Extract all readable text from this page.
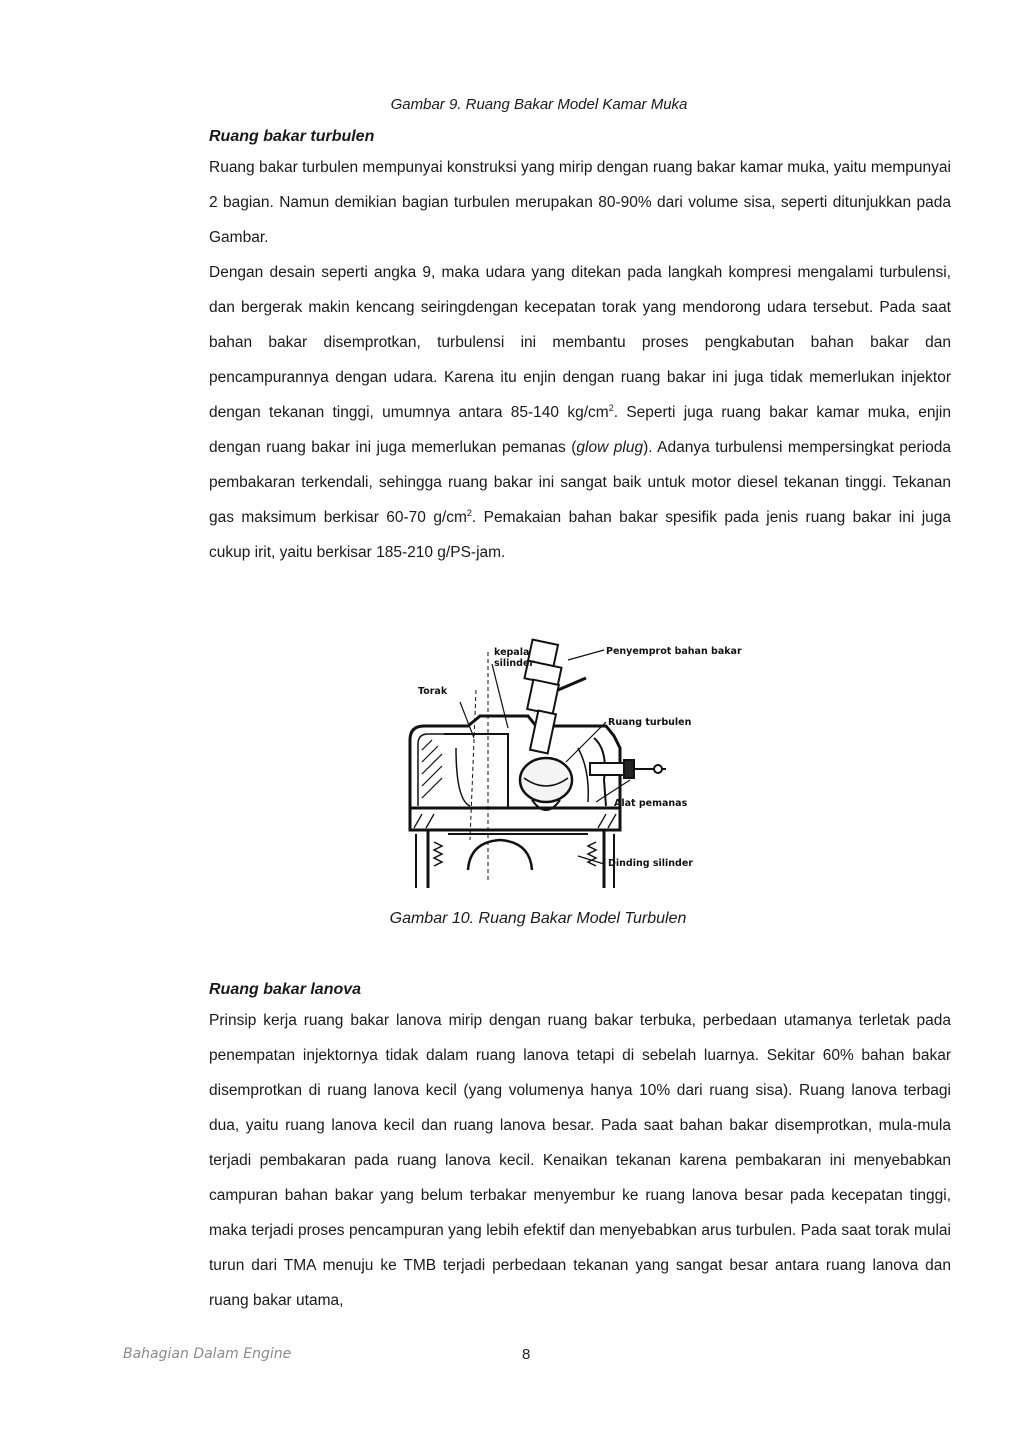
Gambar 9. Ruang Bakar Model Kamar Muka
Ruang bakar turbulen

Ruang bakar turbulen mempunyai konstruksi yang mirip dengan ruang bakar kamar muka, yaitu mempunyai 2 bagian. Namun demikian bagian turbulen merupakan 80-90% dari volume sisa, seperti ditunjukkan pada Gambar.

Dengan desain seperti angka 9, maka udara yang ditekan pada langkah kompresi mengalami turbulensi, dan bergerak makin kencang seiringdengan kecepatan torak yang mendorong udara tersebut. Pada saat bahan bakar disemprotkan, turbulensi ini membantu proses pengkabutan bahan bakar dan pencampurannya dengan udara. Karena itu enjin dengan ruang bakar ini juga tidak memerlukan injektor dengan tekanan tinggi, umumnya antara 85-140 $kg/cm^2$. Seperti juga ruang bakar kamar muka, enjin dengan ruang bakar ini juga memerlukan pemanas (glow plug). Adanya turbulensi mempersingkat perioda pembakaran terkendali, sehingga ruang bakar ini sangat baik untuk motor diesel tekanan tinggi. Tekanan gas maksimum berkisar 60-70 $g/cm^2$. Pemakaian bahan bakar spesifik pada jenis ruang bakar ini juga cukup irit, yaitu berkisar 185-210 g/PS-jam.

kepala
silinder
Torak
Penyemprot bahan bakar
Ruang turbulen
Alat pemanas
Dinding silinder
Gambar 10. Ruang Bakar Model Turbulen
Ruang bakar lanova

Prinsip kerja ruang bakar lanova mirip dengan ruang bakar terbuka, perbedaan utamanya terletak pada penempatan injektornya tidak dalam ruang lanova tetapi di sebelah luarnya. Sekitar 60% bahan bakar disemprotkan di ruang lanova kecil (yang volumenya hanya 10% dari ruang sisa). Ruang lanova terbagi dua, yaitu ruang lanova kecil dan ruang lanova besar. Pada saat bahan bakar disemprotkan, mula-mula terjadi pembakaran pada ruang lanova kecil. Kenaikan tekanan karena pembakaran ini menyebabkan campuran bahan bakar yang belum terbakar menyembur ke ruang lanova besar pada kecepatan tinggi, maka terjadi proses pencampuran yang lebih efektif dan menyebabkan arus turbulen. Pada saat torak mulai turun dari TMA menuju ke TMB terjadi perbedaan tekanan yang sangat besar antara ruang lanova dan ruang bakar utama,

Bahagian Dalam Engine	8
